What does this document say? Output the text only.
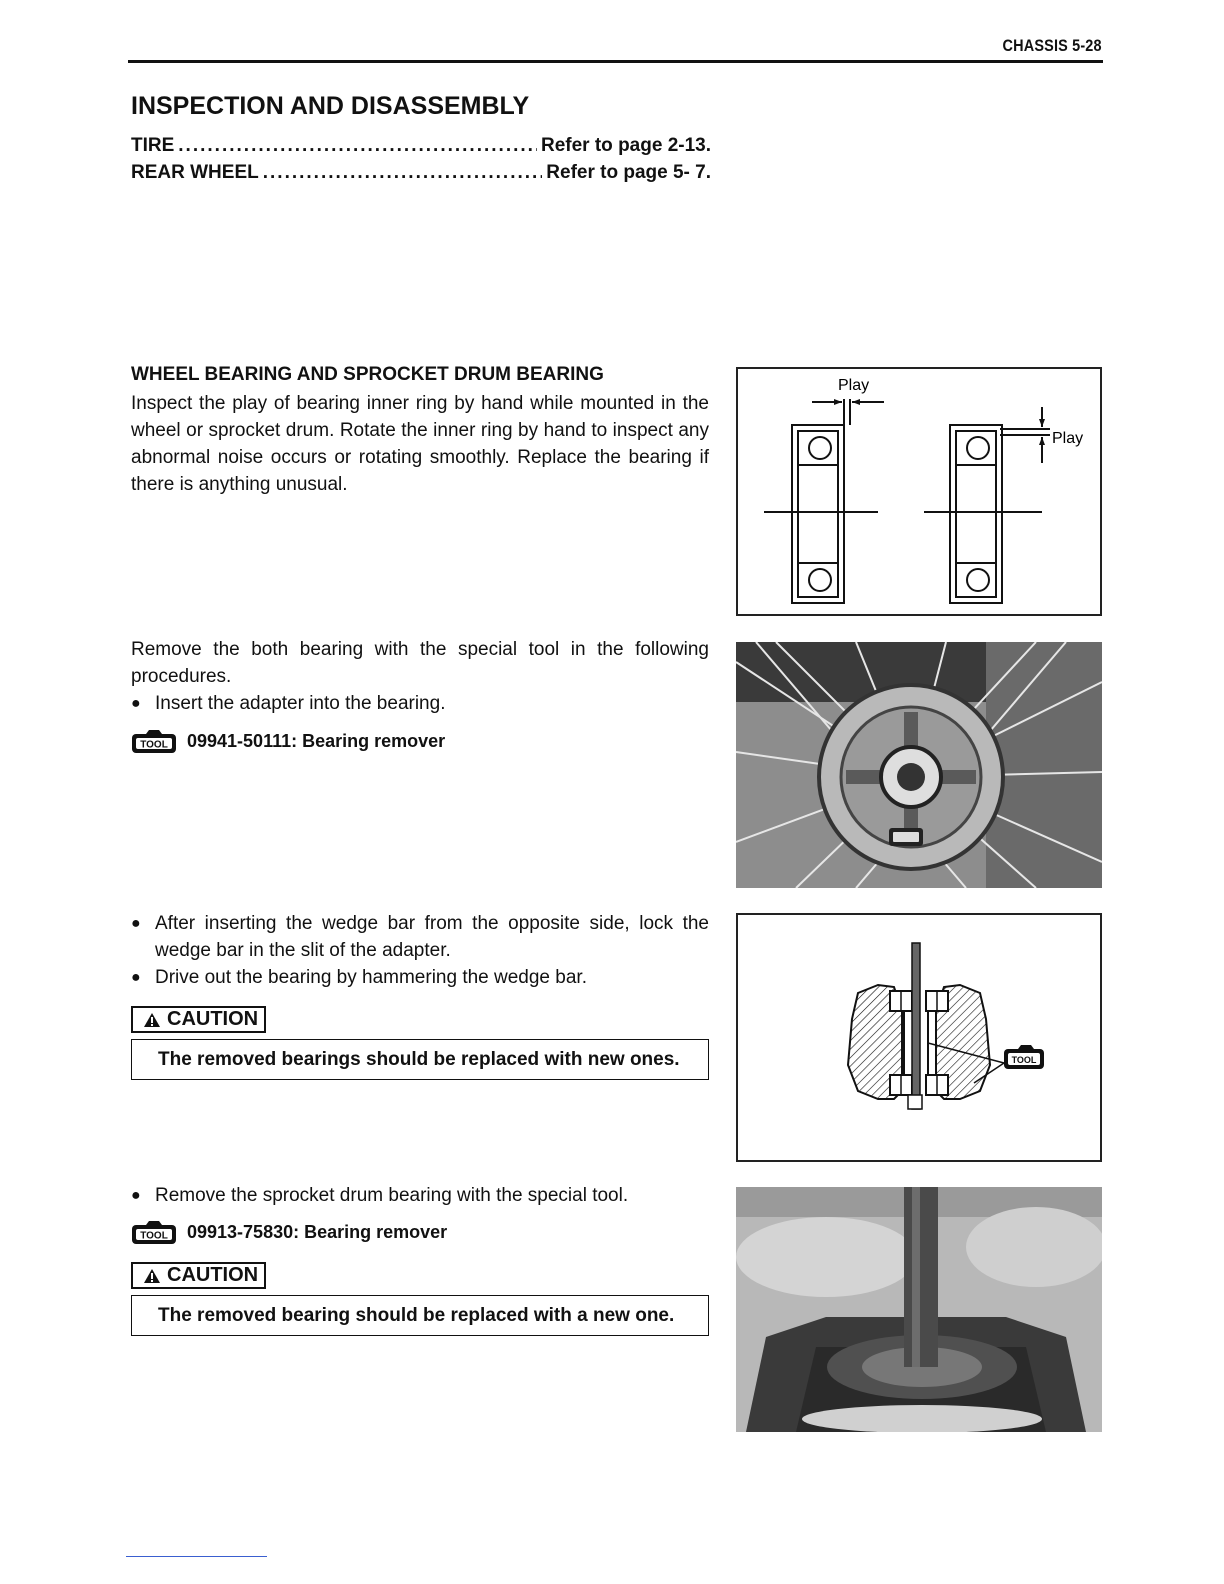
CHASSIS 5-28
INSPECTION AND DISASSEMBLY
TIRE .....	Refer to page 2-13.
REAR WHEEL .....	Refer to page 5- 7.
WHEEL BEARING AND SPROCKET DRUM BEARING

Inspect the play of bearing inner ring by hand while mounted in the wheel or sprocket drum. Rotate the inner ring by hand to inspect any abnormal noise occurs or rotating smoothly. Replace the bearing if there is anything unusual.

Play
Play

Remove the both bearing with the special tool in the following procedures.

● Insert the adapter into the bearing.
TOOL 09941-50111: Bearing remover
● After inserting the wedge bar from the opposite side, lock the wedge bar in the slit of the adapter.
● Drive out the bearing by hammering the wedge bar.
CAUTION
The removed bearings should be replaced with new ones.	TOOL
● Remove the sprocket drum bearing with the special tool.
TOOL 09913-75830: Bearing remover
CAUTION
The removed bearing should be replaced with a new one.
